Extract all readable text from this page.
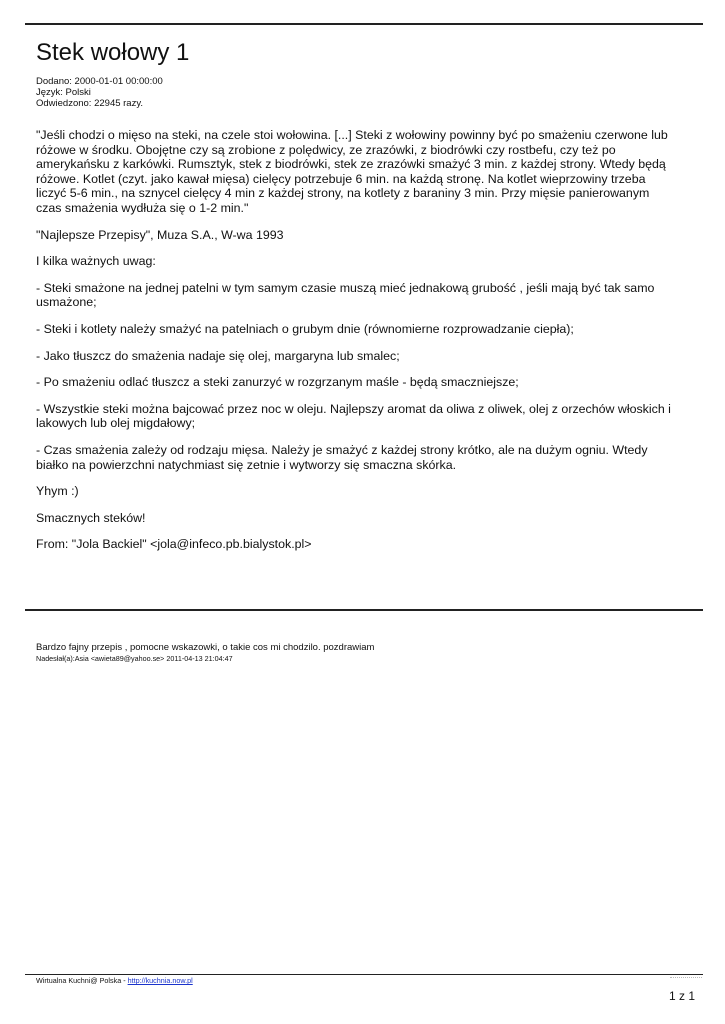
Stek wołowy 1
Dodano: 2000-01-01 00:00:00
Język: Polski
Odwiedzono: 22945 razy.

"Jeśli chodzi o mięso na steki, na czele stoi wołowina. [...] Steki z wołowiny powinny być po smażeniu czerwone lub różowe w środku. Obojętne czy są zrobione z polędwicy, ze zrazówki, z biodrówki czy rostbefu, czy też po amerykańsku z karkówki. Rumsztyk, stek z biodrówki, stek ze zrazówki smażyć 3 min. z każdej strony. Wtedy będą różowe. Kotlet (czyt. jako kawał mięsa) cielęcy potrzebuje 6 min. na każdą stronę. Na kotlet wieprzowiny trzeba liczyć 5-6 min., na sznycel cielęcy 4 min z każdej strony, na kotlety z baraniny 3 min. Przy mięsie panierowanym czas smażenia wydłuża się o 1-2 min."

"Najlepsze Przepisy", Muza S.A., W-wa 1993

I kilka ważnych uwag:

- Steki smażone na jednej patelni w tym samym czasie muszą mieć jednakową grubość , jeśli mają być tak samo usmażone;

- Steki i kotlety należy smażyć na patelniach o grubym dnie (równomierne rozprowadzanie ciepła);

- Jako tłuszcz do smażenia nadaje się olej, margaryna lub smalec;

- Po smażeniu odlać tłuszcz a steki zanurzyć w rozgrzanym maśle - będą smaczniejsze;

- Wszystkie steki można bajcować przez noc w oleju. Najlepszy aromat da oliwa z oliwek, olej z orzechów włoskich i lakowych lub olej migdałowy;

- Czas smażenia zależy od rodzaju mięsa. Należy je smażyć z każdej strony krótko, ale na dużym ogniu. Wtedy białko na powierzchni natychmiast się zetnie i wytworzy się smaczna skórka.

Yhym :)

Smacznych steków!

From: "Jola Backiel" <jola@infeco.pb.bialystok.pl>

Bardzo fajny przepis , pomocne wskazowki, o takie cos mi chodzilo. pozdrawiam

Nadesłał(a):Asia <awieta89@yahoo.se> 2011-04-13 21:04:47

Wirtualna Kuchni@ Polska - http://kuchnia.now.pl
1 z 1
